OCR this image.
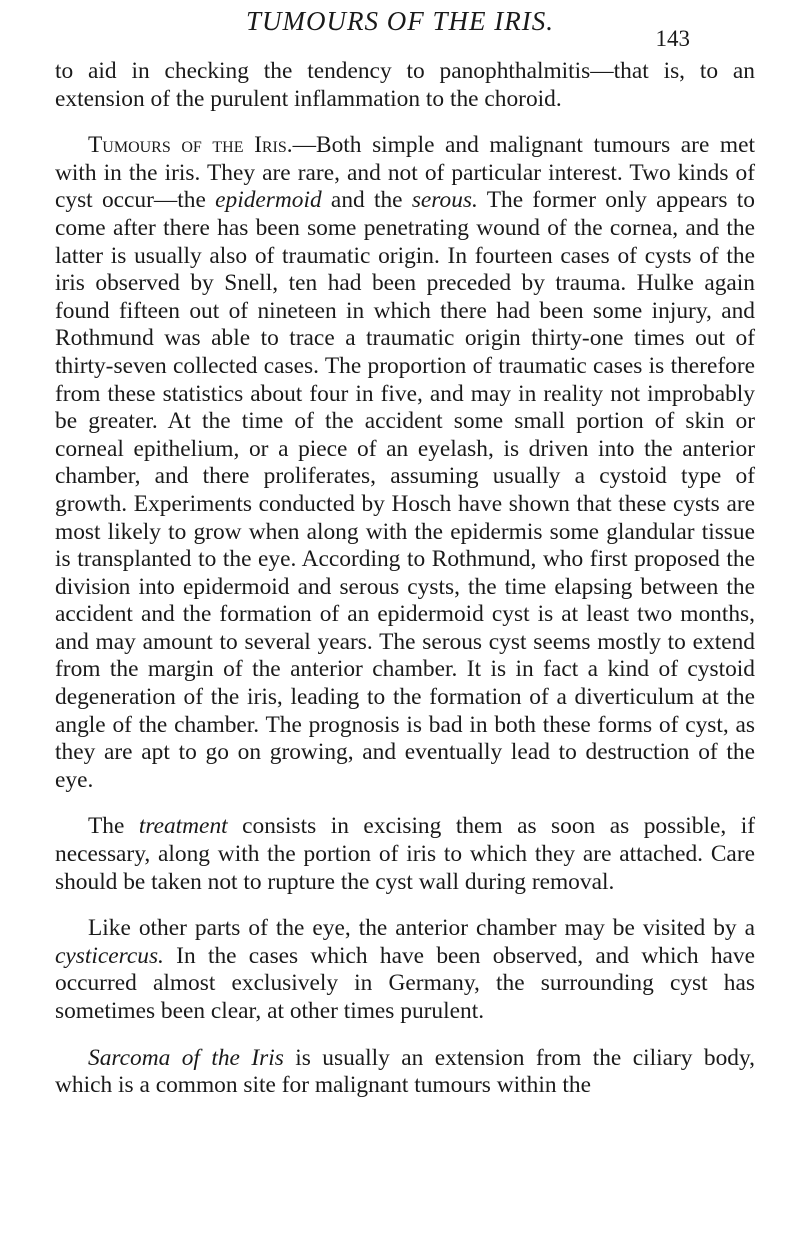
TUMOURS OF THE IRIS.
143

to aid in checking the tendency to panophthalmitis—that is, to an extension of the purulent inflammation to the choroid.

Tumours of the Iris.—Both simple and malignant tumours are met with in the iris. They are rare, and not of particular interest. Two kinds of cyst occur—the epidermoid and the serous. The former only appears to come after there has been some penetrating wound of the cornea, and the latter is usually also of traumatic origin. In fourteen cases of cysts of the iris observed by Snell, ten had been preceded by trauma. Hulke again found fifteen out of nineteen in which there had been some injury, and Rothmund was able to trace a traumatic origin thirty-one times out of thirty-seven collected cases. The proportion of traumatic cases is therefore from these statistics about four in five, and may in reality not improbably be greater. At the time of the accident some small portion of skin or corneal epithelium, or a piece of an eyelash, is driven into the anterior chamber, and there proliferates, assuming usually a cystoid type of growth. Experiments conducted by Hosch have shown that these cysts are most likely to grow when along with the epidermis some glandular tissue is transplanted to the eye. According to Rothmund, who first proposed the division into epidermoid and serous cysts, the time elapsing between the accident and the formation of an epidermoid cyst is at least two months, and may amount to several years. The serous cyst seems mostly to extend from the margin of the anterior chamber. It is in fact a kind of cystoid degeneration of the iris, leading to the formation of a diverticulum at the angle of the chamber. The prognosis is bad in both these forms of cyst, as they are apt to go on growing, and eventually lead to destruction of the eye.

The treatment consists in excising them as soon as possible, if necessary, along with the portion of iris to which they are attached. Care should be taken not to rupture the cyst wall during removal.

Like other parts of the eye, the anterior chamber may be visited by a cysticercus. In the cases which have been observed, and which have occurred almost exclusively in Germany, the surrounding cyst has sometimes been clear, at other times purulent.

Sarcoma of the Iris is usually an extension from the ciliary body, which is a common site for malignant tumours within the
